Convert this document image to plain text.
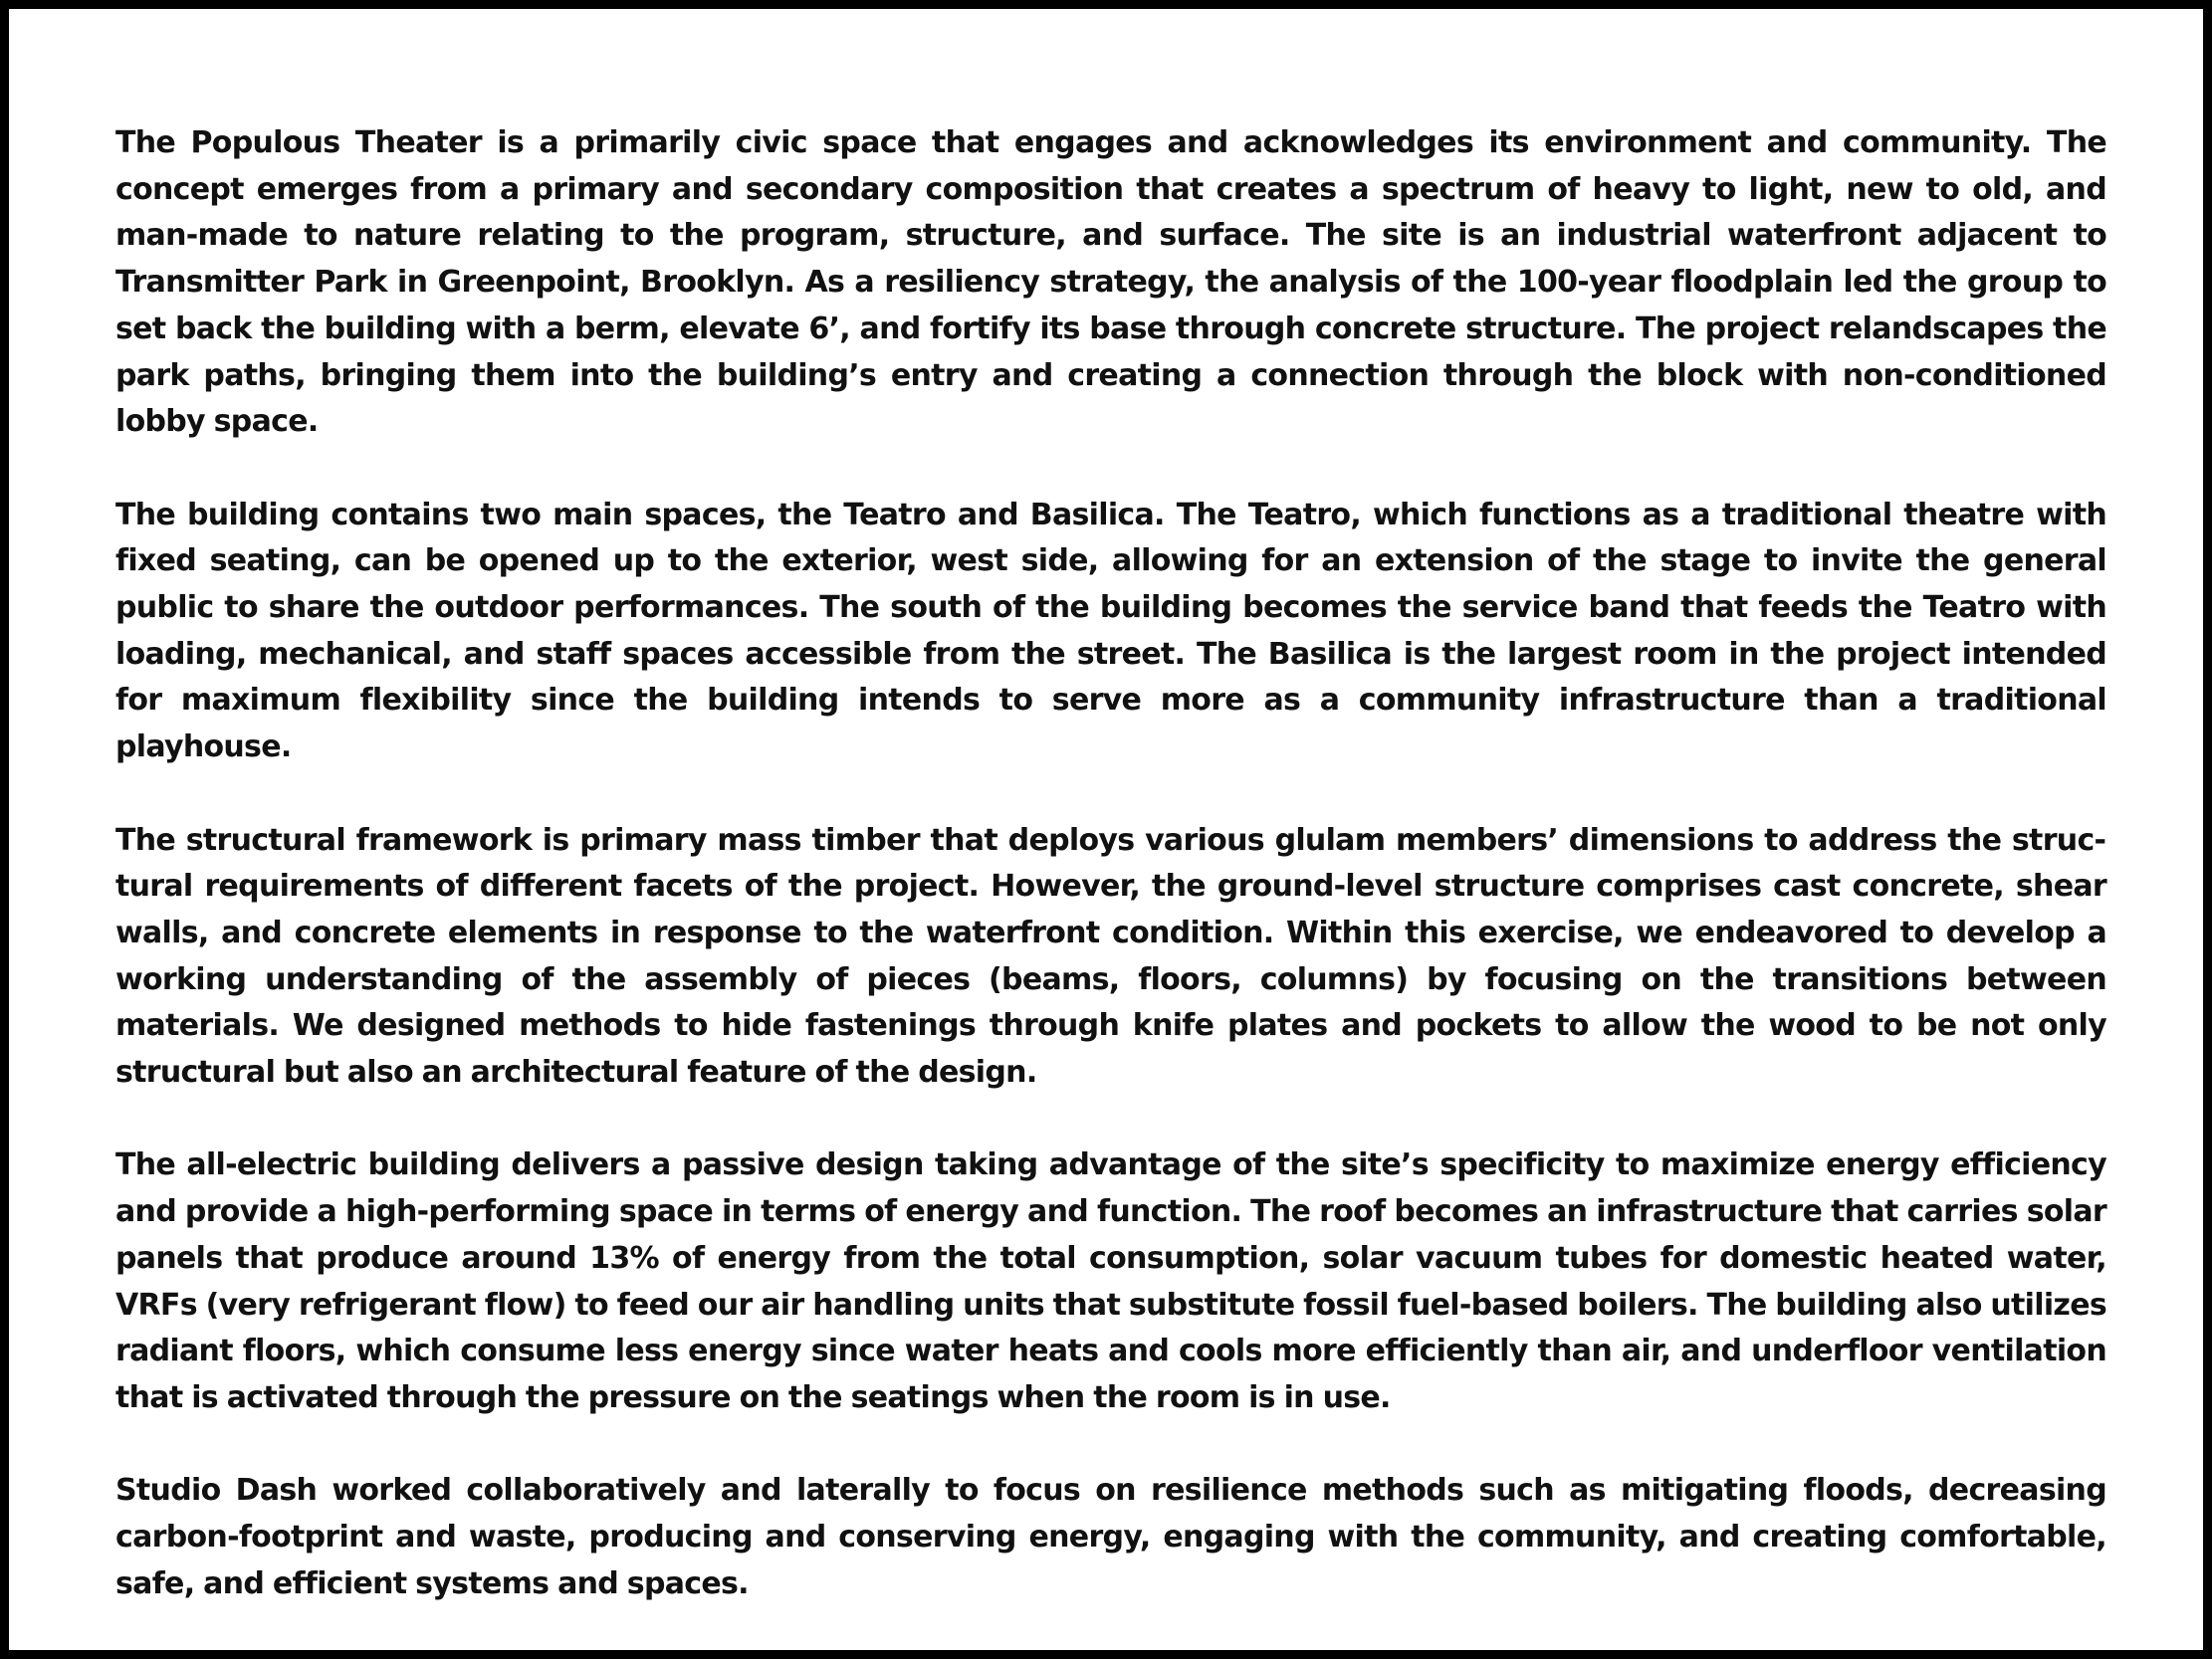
The Populous Theater is a primarily civic space that engages and acknowledges its environment and community. The concept emerges from a primary and secondary composition that creates a spectrum of heavy to light, new to old, and man-made to nature relating to the program, structure, and surface. The site is an industrial waterfront adjacent to Transmitter Park in Greenpoint, Brooklyn. As a resiliency strategy, the analysis of the 100-year floodplain led the group to set back the building with a berm, elevate 6’, and fortify its base through concrete structure. The project relandscapes the park paths, bringing them into the building’s entry and creating a connection through the block with non-conditioned lobby space.

The building contains two main spaces, the Teatro and Basilica. The Teatro, which functions as a traditional theatre with fixed seating, can be opened up to the exterior, west side, allowing for an extension of the stage to invite the general public to share the outdoor performances. The south of the building becomes the service band that feeds the Teatro with loading, mechanical, and staff spaces accessible from the street. The Basilica is the largest room in the project intended for maximum flexibility since the building intends to serve more as a community infrastructure than a traditional playhouse.

The structural framework is primary mass timber that deploys various glulam members’ dimensions to address the structural requirements of different facets of the project. However, the ground-level structure comprises cast concrete, shear walls, and concrete elements in response to the waterfront condition. Within this exercise, we endeavored to develop a working understanding of the assembly of pieces (beams, floors, columns) by focusing on the transitions between materials. We designed methods to hide fastenings through knife plates and pockets to allow the wood to be not only structural but also an architectural feature of the design.

The all-electric building delivers a passive design taking advantage of the site’s specificity to maximize energy efficiency and provide a high-performing space in terms of energy and function. The roof becomes an infrastructure that carries solar panels that produce around 13% of energy from the total consumption, solar vacuum tubes for domestic heated water, VRFs (very refrigerant flow) to feed our air handling units that substitute fossil fuel-based boilers. The building also utilizes radiant floors, which consume less energy since water heats and cools more efficiently than air, and underfloor ventilation that is activated through the pressure on the seatings when the room is in use.

Studio Dash worked collaboratively and laterally to focus on resilience methods such as mitigating floods, decreasing carbon-footprint and waste, producing and conserving energy, engaging with the community, and creating comfortable, safe, and efficient systems and spaces.
